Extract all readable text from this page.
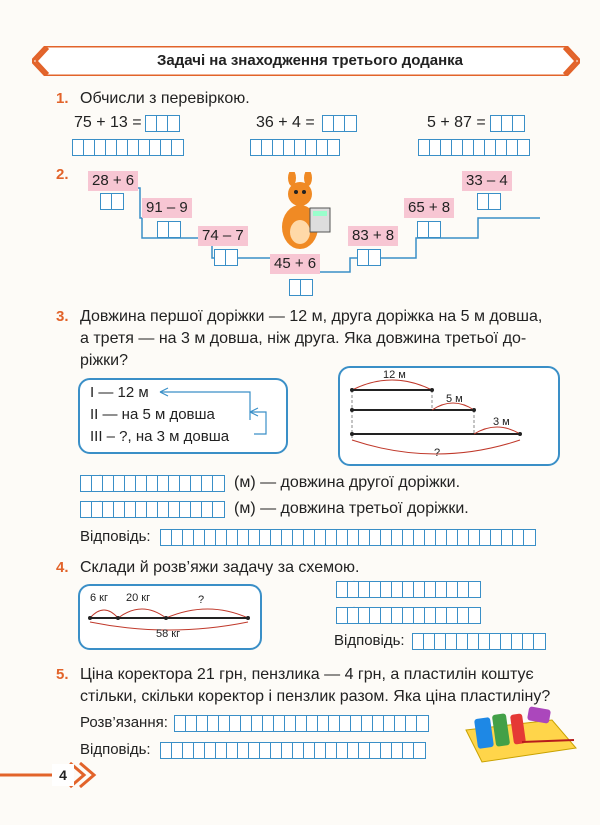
Задачі на знаходження третього доданка
1. Обчисли з перевіркою.
75 + 13 =	36 + 4 =	5 + 87 =
2. 28 + 6
91 – 9
74 – 7
45 + 6
83 + 8
65 + 8
33 – 4
3. Довжина першої доріжки — 12 м, друга доріжка на 5 м довша,
а третя — на 3 м довша, ніж друга. Яка довжина третьої до-
ріжки?
І — 12 м
ІІ — на 5 м довша
ІІІ – ?, на 3 м довша
12 м
5 м
3 м
?
(м) — довжина другої доріжки.
(м) — довжина третьої доріжки.
Відповідь:
4. Склади й розв’яжи задачу за схемою.
6 кг 20 кг	?
58 кг	Відповідь:
5. Ціна коректора 21 грн, пензлика — 4 грн, а пластилін коштує
стільки, скільки коректор і пензлик разом. Яка ціна пластиліну?
Розв’язання:
Відповідь:
4
